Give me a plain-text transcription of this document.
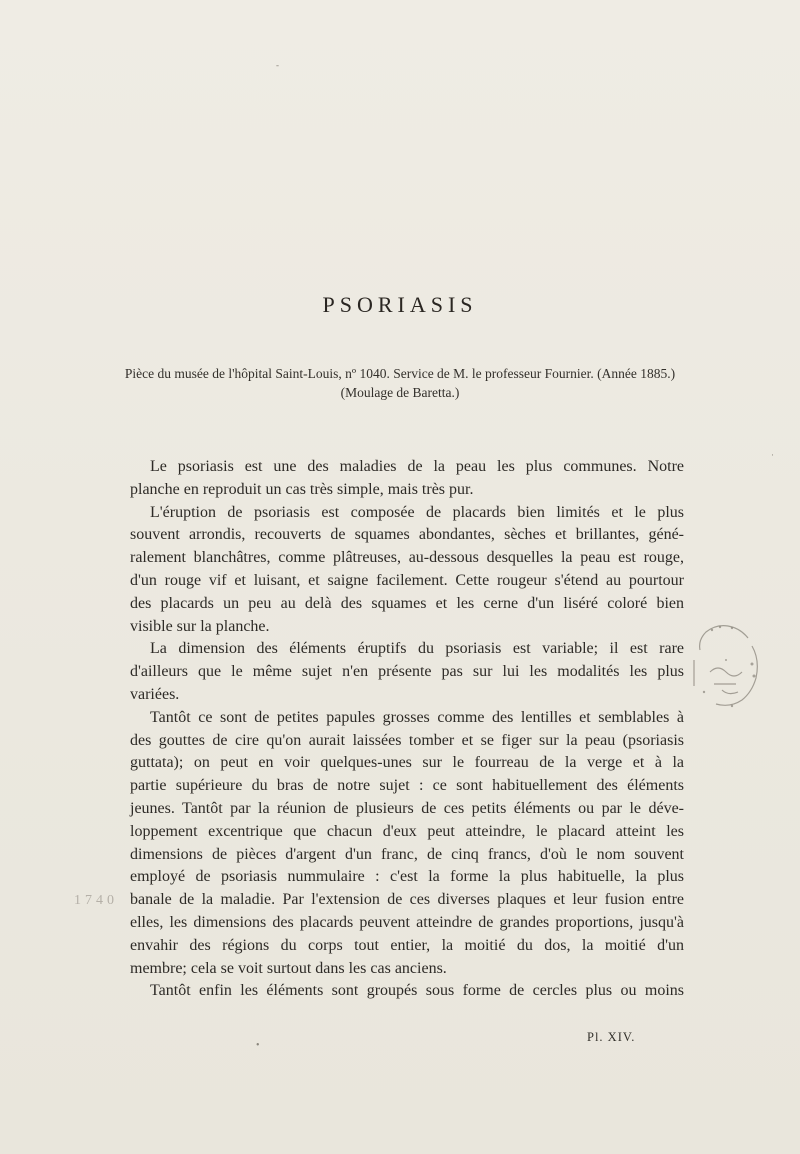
PSORIASIS

Pièce du musée de l'hôpital Saint-Louis, nº 1040. Service de M. le professeur Fournier. (Année 1885.)

(Moulage de Baretta.)

Le psoriasis est une des maladies de la peau les plus communes. Notre
planche en reproduit un cas très simple, mais très pur.
L'éruption de psoriasis est composée de placards bien limités et le plus
souvent arrondis, recouverts de squames abondantes, sèches et brillantes, géné-
ralement blanchâtres, comme plâtreuses, au-dessous desquelles la peau est rouge,
d'un rouge vif et luisant, et saigne facilement. Cette rougeur s'étend au pourtour
des placards un peu au delà des squames et les cerne d'un liséré coloré bien
visible sur la planche.
La dimension des éléments éruptifs du psoriasis est variable; il est rare
d'ailleurs que le même sujet n'en présente pas sur lui les modalités les plus
variées.
Tantôt ce sont de petites papules grosses comme des lentilles et semblables à
des gouttes de cire qu'on aurait laissées tomber et se figer sur la peau (psoriasis
guttata); on peut en voir quelques-unes sur le fourreau de la verge et à la
partie supérieure du bras de notre sujet : ce sont habituellement des éléments
jeunes. Tantôt par la réunion de plusieurs de ces petits éléments ou par le déve-
loppement excentrique que chacun d'eux peut atteindre, le placard atteint les
dimensions de pièces d'argent d'un franc, de cinq francs, d'où le nom souvent
employé de psoriasis nummulaire : c'est la forme la plus habituelle, la plus
banale de la maladie. Par l'extension de ces diverses plaques et leur fusion entre
elles, les dimensions des placards peuvent atteindre de grandes proportions, jusqu'à
envahir des régions du corps tout entier, la moitié du dos, la moitié d'un
membre; cela se voit surtout dans les cas anciens.
Tantôt enfin les éléments sont groupés sous forme de cercles plus ou moins
Pl. XIV.
1740
•
·
-
